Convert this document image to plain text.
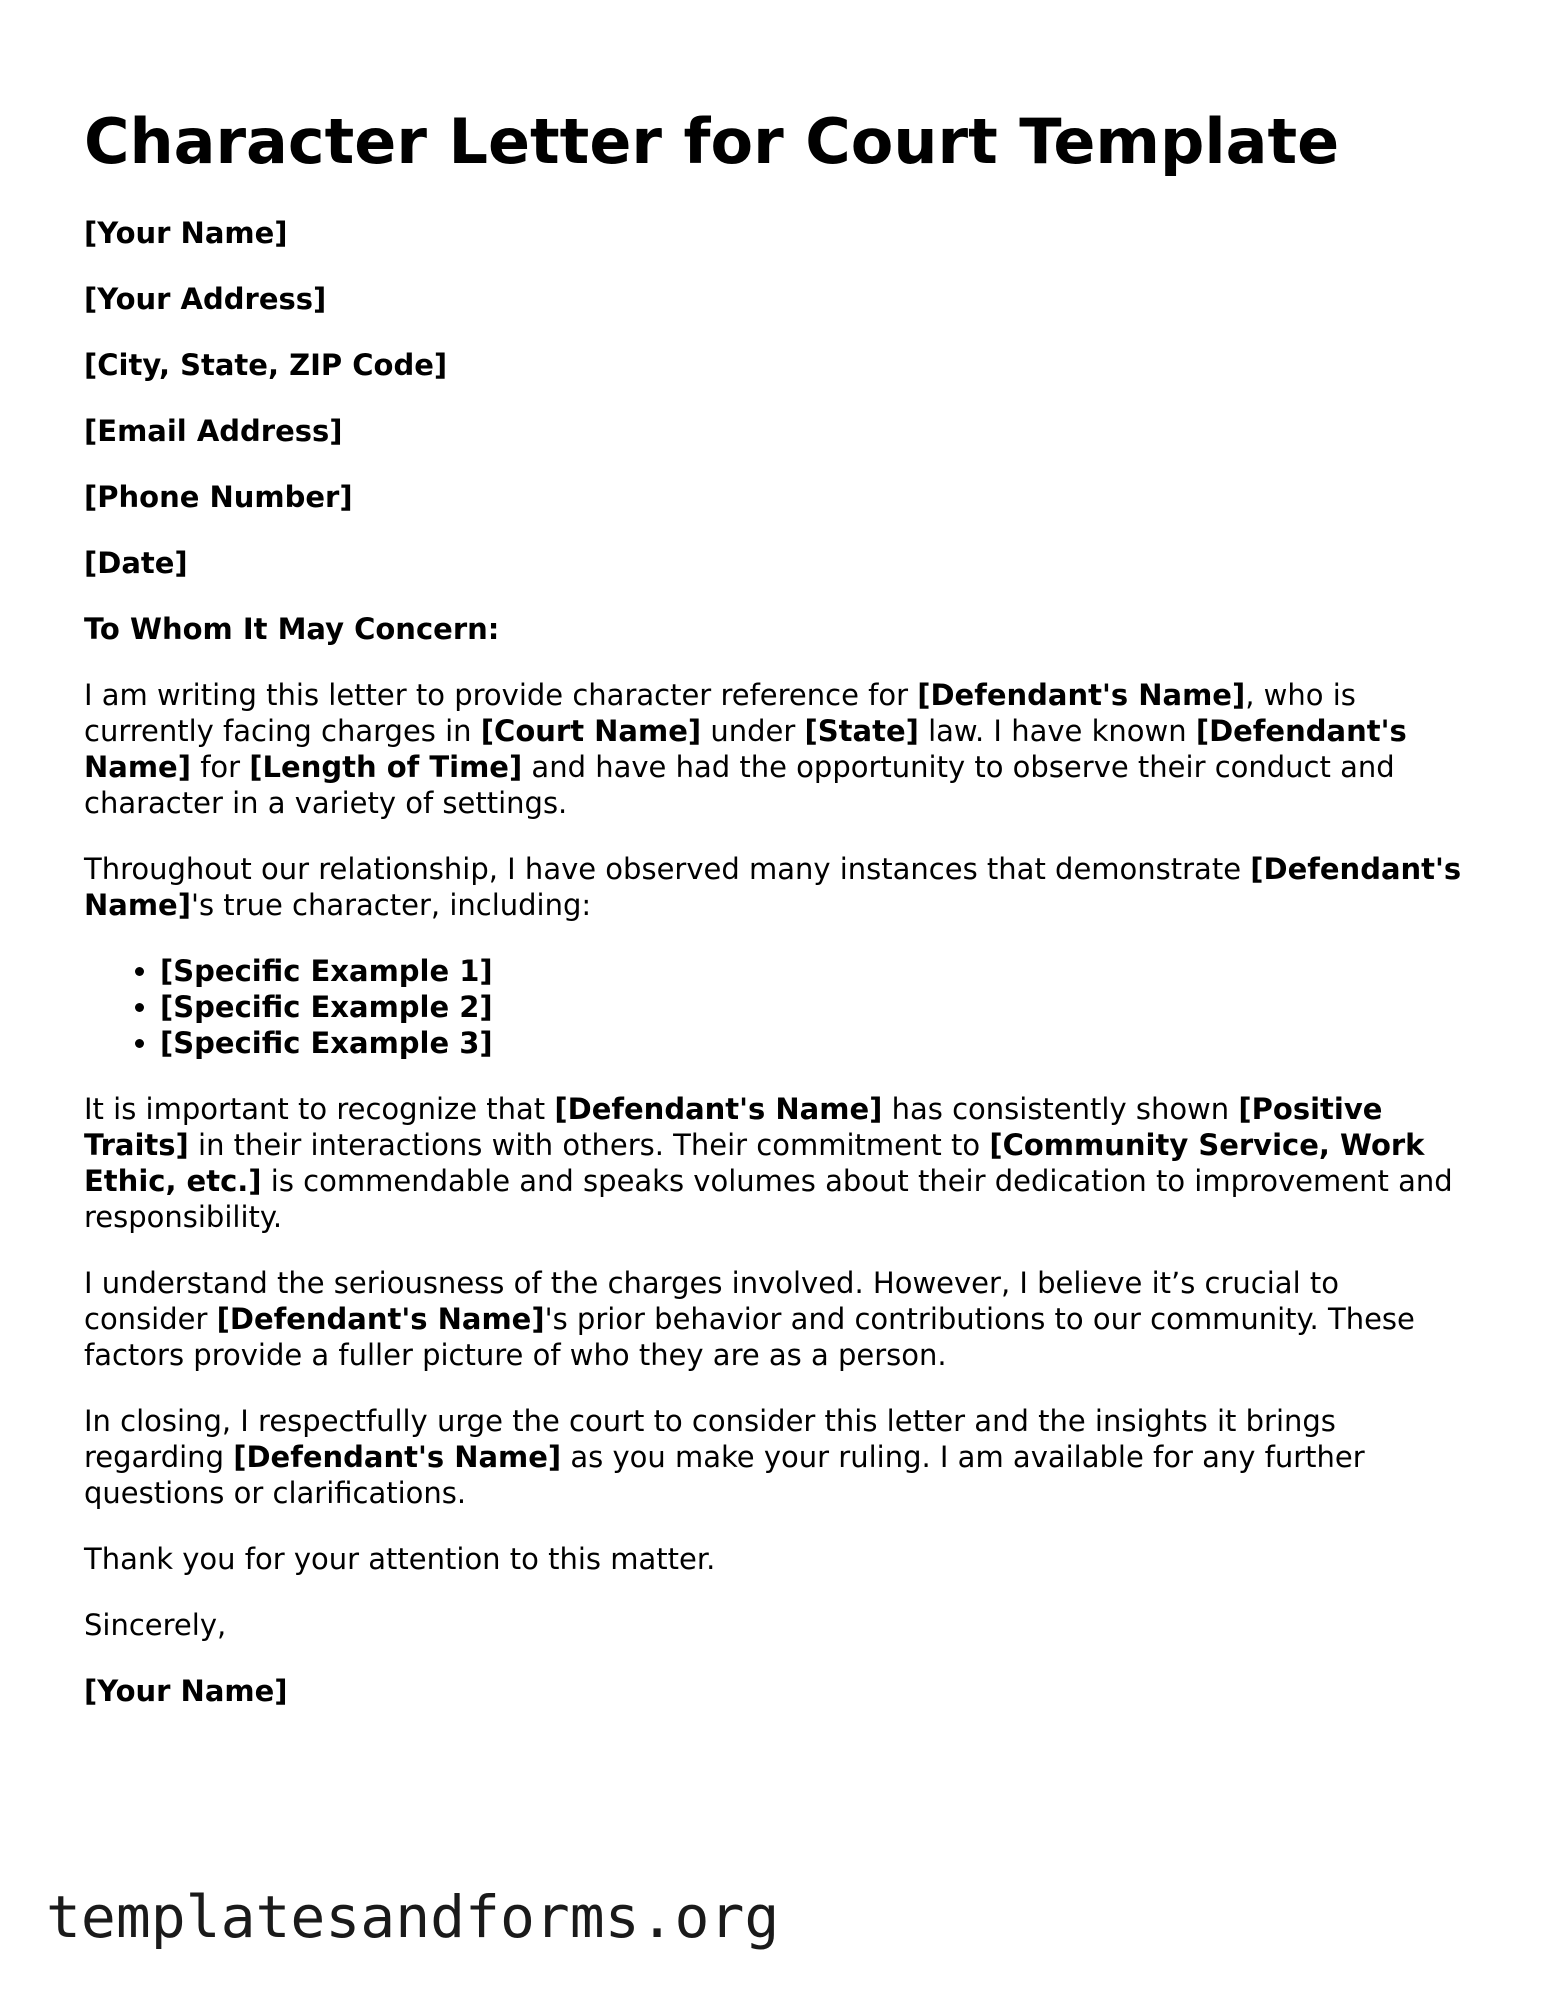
Character Letter for Court Template

[Your Name]

[Your Address]

[City, State, ZIP Code]

[Email Address]

[Phone Number]

[Date]

To Whom It May Concern:

I am writing this letter to provide character reference for [Defendant's Name], who is currently facing charges in [Court Name] under [State] law. I have known [Defendant's Name] for [Length of Time] and have had the opportunity to observe their conduct and character in a variety of settings.

Throughout our relationship, I have observed many instances that demonstrate [Defendant's Name]'s true character, including:

• [Specific Example 1]
• [Specific Example 2]
• [Specific Example 3]

It is important to recognize that [Defendant's Name] has consistently shown [Positive Traits] in their interactions with others. Their commitment to [Community Service, Work Ethic, etc.] is commendable and speaks volumes about their dedication to improvement and responsibility.

I understand the seriousness of the charges involved. However, I believe it’s crucial to consider [Defendant's Name]'s prior behavior and contributions to our community. These factors provide a fuller picture of who they are as a person.

In closing, I respectfully urge the court to consider this letter and the insights it brings regarding [Defendant's Name] as you make your ruling. I am available for any further questions or clarifications.

Thank you for your attention to this matter.

Sincerely,

[Your Name]

templatesandforms.org
